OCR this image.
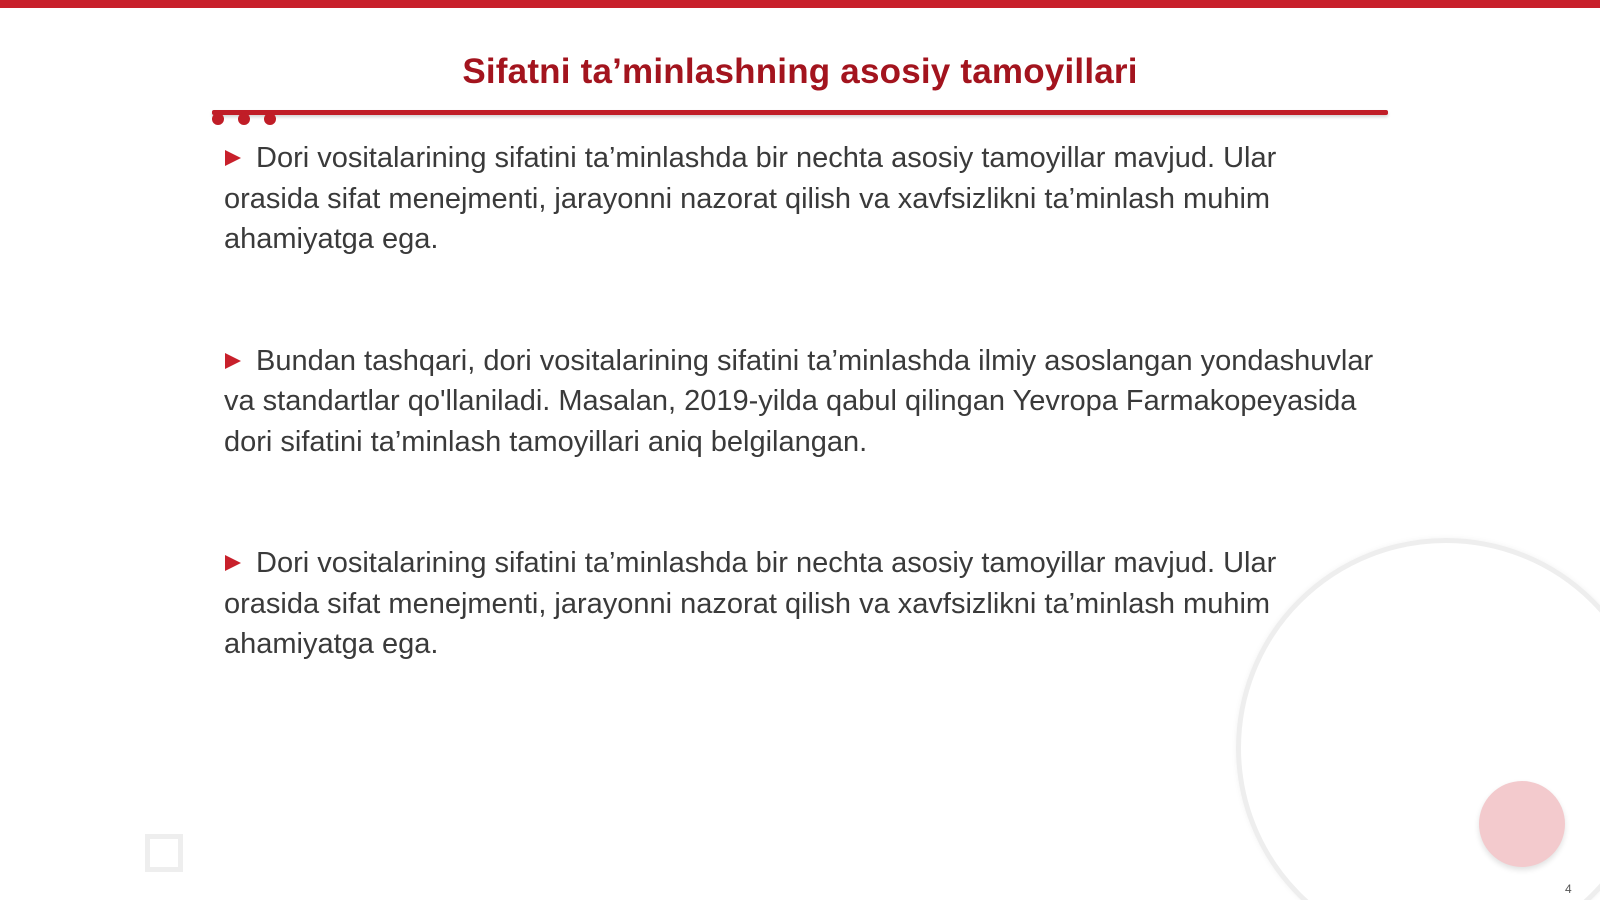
Sifatni ta’minlashning asosiy tamoyillari

Dori vositalarining sifatini ta’minlashda bir nechta asosiy tamoyillar mavjud. Ular orasida sifat menejmenti, jarayonni nazorat qilish va xavfsizlikni ta’minlash muhim ahamiyatga ega.

Bundan tashqari, dori vositalarining sifatini ta’minlashda ilmiy asoslangan yondashuvlar va standartlar qo'llaniladi. Masalan, 2019-yilda qabul qilingan Yevropa Farmakopeyasida dori sifatini ta’minlash tamoyillari aniq belgilangan.

Dori vositalarining sifatini ta’minlashda bir nechta asosiy tamoyillar mavjud. Ular orasida sifat menejmenti, jarayonni nazorat qilish va xavfsizlikni ta’minlash muhim ahamiyatga ega.

4
